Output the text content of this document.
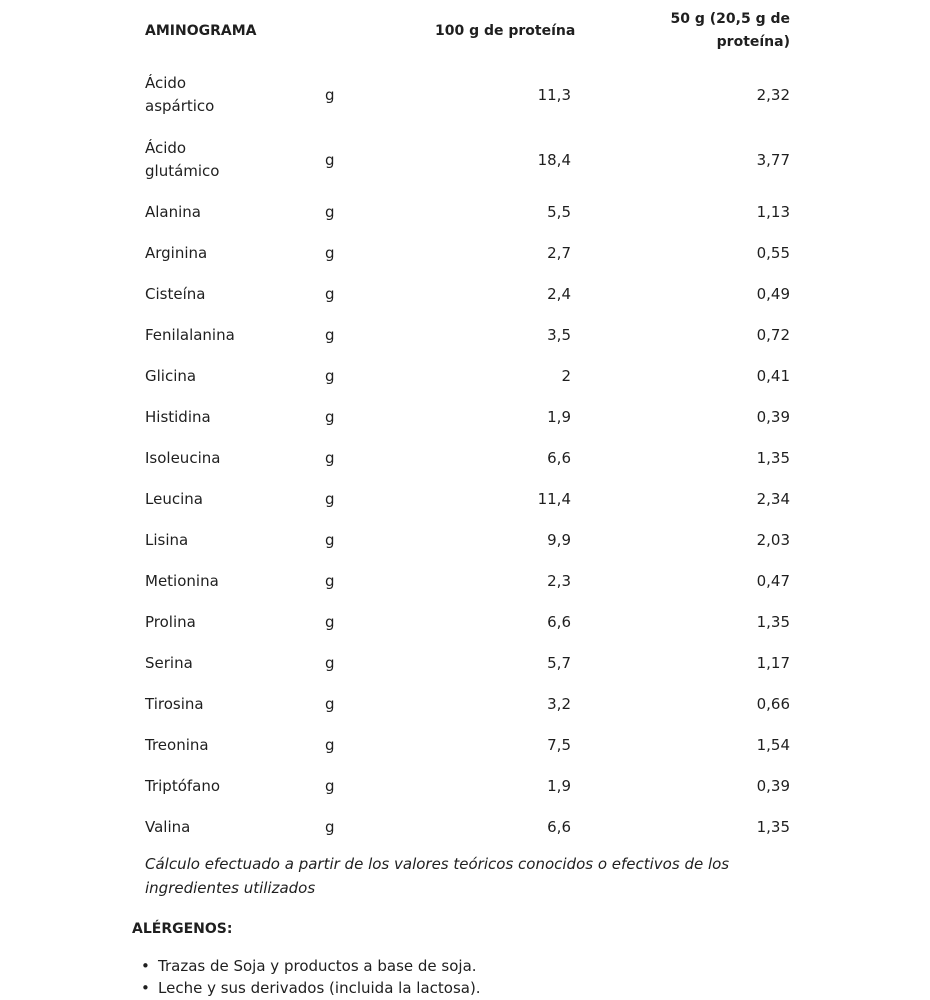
AMINOGRAMA		100 g de proteína	50 g (20,5 g de
proteína)
Ácido
aspártico	g	11,3	2,32
Ácido
glutámico	g	18,4	3,77
Alanina	g	5,5	1,13
Arginina	g	2,7	0,55
Cisteína	g	2,4	0,49
Fenilalanina	g	3,5	0,72
Glicina	g	2	0,41
Histidina	g	1,9	0,39
Isoleucina	g	6,6	1,35
Leucina	g	11,4	2,34
Lisina	g	9,9	2,03
Metionina	g	2,3	0,47
Prolina	g	6,6	1,35
Serina	g	5,7	1,17
Tirosina	g	3,2	0,66
Treonina	g	7,5	1,54
Triptófano	g	1,9	0,39
Valina	g	6,6	1,35

Cálculo efectuado a partir de los valores teóricos conocidos o efectivos de los
ingredientes utilizados

ALÉRGENOS:

• Trazas de Soja y productos a base de soja.
• Leche y sus derivados (incluida la lactosa).
